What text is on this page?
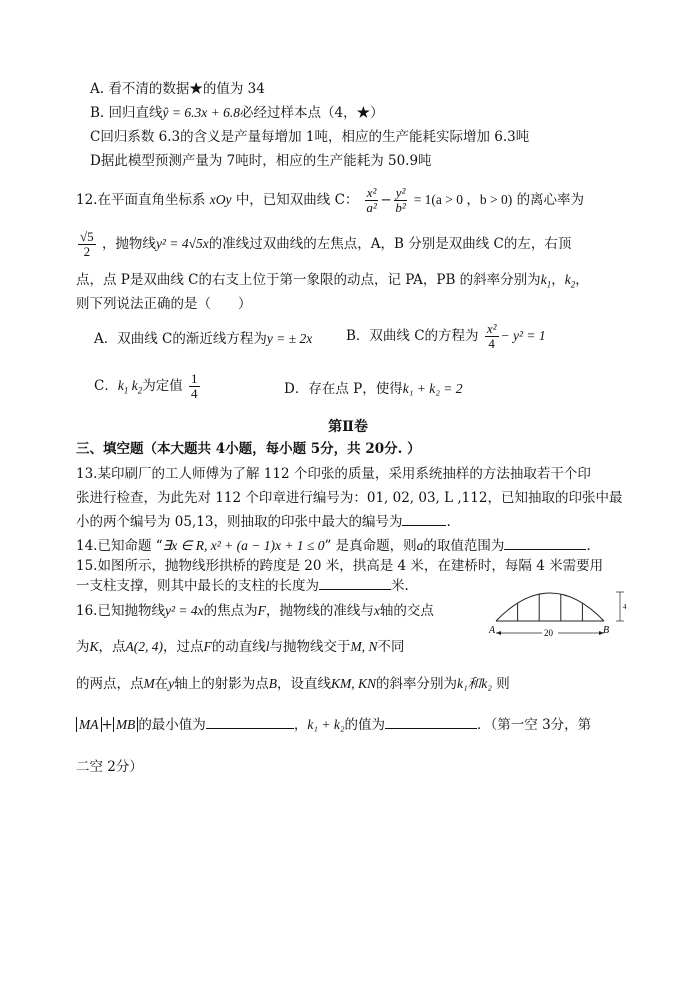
A. 看不清的数据★的值为 34
B. 回归直线ŷ = 6.3x + 6.8必经过样本点（4，★）
C回归系数 6.3的含义是产量每增加 1吨，相应的生产能耗实际增加 6.3吨
D据此模型预测产量为 7吨时，相应的生产能耗为 50.9吨
12.在平面直角坐标系 xOy 中，已知双曲线 C： $\frac{\text{x²}}{\text{a²}} - \frac{\text{y²}}{\text{b²}} = 1(a > 0$ ，b > 0) 的离心率为
$\frac{√5}{2}$ ，抛物线y² = 4√5x的准线过双曲线的左焦点，A，B 分别是双曲线 C的左，右顶
点，点 P是双曲线 C的右支上位于第一象限的动点，记 PA，PB 的斜率分别为$k_1$，$k_2$，
则下列说法正确的是（　　）
A．双曲线 C的渐近线方程为y = ± 2x B．双曲线 C的方程为 $\frac{\text{x²}}{4} - y^2 = 1$
C．$k_1$ $k_2$为定值 $\frac{1}{4}$	D．存在点 P，使得k₁ + k₂ = 2
第Ⅱ卷
三、填空题（本大题共 4小题，每小题 5分，共 20分. ）
13.某印刷厂的工人师傅为了解 112 个印张的质量，采用系统抽样的方法抽取若干个印
张进行检查，为此先对 112 个印章进行编号为：01, 02, 03, L ,112，已知抽取的印张中最
小的两个编号为 05,13，则抽取的印张中最大的编号为	.
14.已知命题 “∃x ∈ R, x² + (a − 1)x + 1 ≤ 0” 是真命题，则a的取值范围为	.
15.如图所示，抛物线形拱桥的跨度是 20 米，拱高是 4 米，在建桥时，每隔 4 米需要用
一支柱支撑，则其中最长的支柱的长度为	米.
16.已知抛物线y² = 4x的焦点为F，抛物线的准线与x轴的交点
为K，点A(2, 4)，过点F的动直线l与抛物线交于M, N不同
的两点，点M在y轴上的射影为点B，设直线KM, KN的斜率分别为k₁和k₂ 则
MA + MB 的最小值为	，k₁ + k₂的值为	．（第一空 3分，第
二空 2分）
4
20
A	B
